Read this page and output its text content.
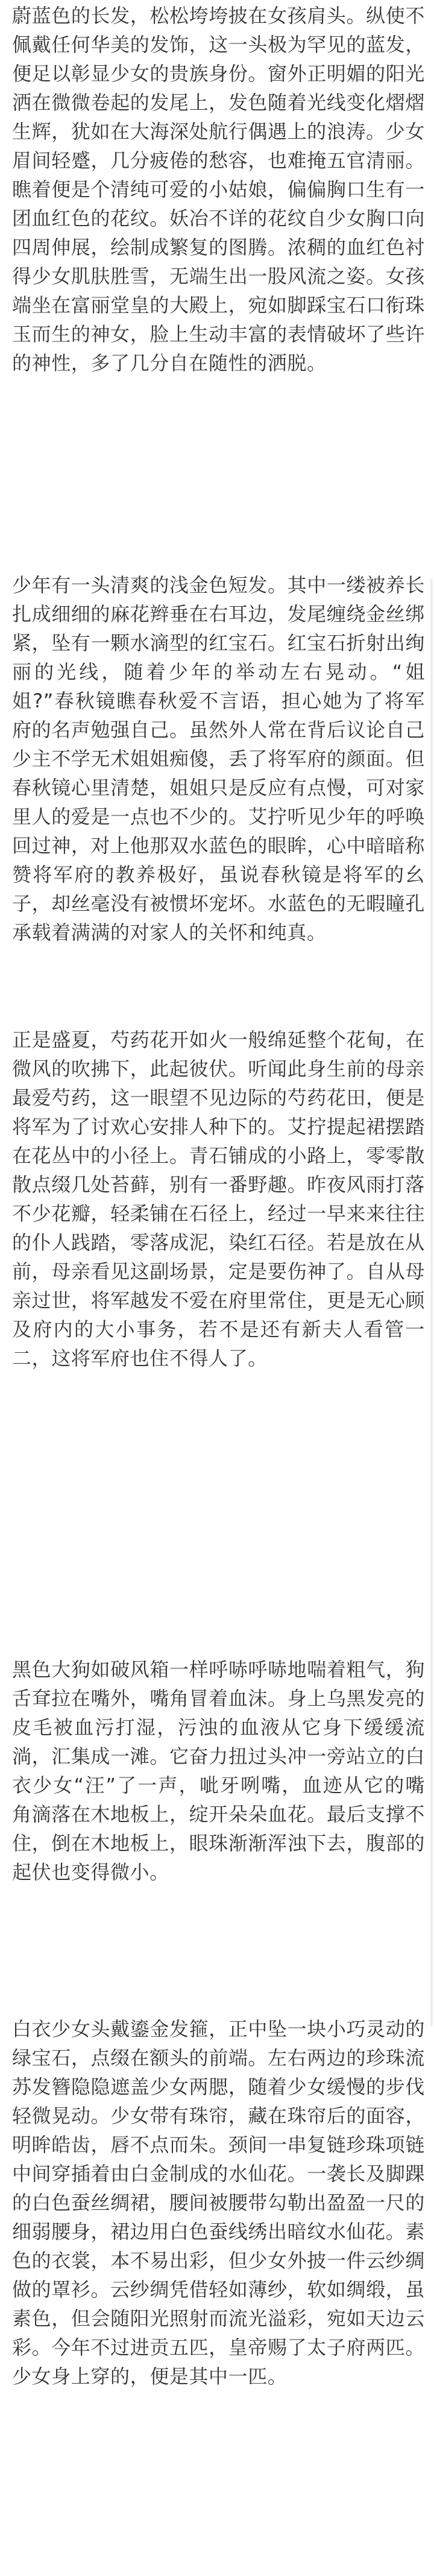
蔚蓝色的长发，松松垮垮披在女孩肩头。纵使不佩戴任何华美的发饰，这一头极为罕见的蓝发，便足以彰显少女的贵族身份。窗外正明媚的阳光洒在微微卷起的发尾上，发色随着光线变化熠熠生辉，犹如在大海深处航行偶遇上的浪涛。少女眉间轻蹙，几分疲倦的愁容，也难掩五官清丽。瞧着便是个清纯可爱的小姑娘，偏偏胸口生有一团血红色的花纹。妖冶不详的花纹自少女胸口向四周伸展，绘制成繁复的图腾。浓稠的血红色衬得少女肌肤胜雪，无端生出一股风流之姿。女孩端坐在富丽堂皇的大殿上，宛如脚踩宝石口衔珠玉而生的神女，脸上生动丰富的表情破坏了些许的神性，多了几分自在随性的洒脱。

少年有一头清爽的浅金色短发。其中一缕被养长扎成细细的麻花辫垂在右耳边，发尾缠绕金丝绑紧，坠有一颗水滴型的红宝石。红宝石折射出绚丽的光线，随着少年的举动左右晃动。“姐姐?”春秋镜瞧春秋爱不言语，担心她为了将军府的名声勉强自己。虽然外人常在背后议论自己少主不学无术姐姐痴傻，丢了将军府的颜面。但春秋镜心里清楚，姐姐只是反应有点慢，可对家里人的爱是一点也不少的。艾拧听见少年的呼唤回过神，对上他那双水蓝色的眼眸，心中暗暗称赞将军府的教养极好，虽说春秋镜是将军的幺子，却丝毫没有被惯坏宠坏。水蓝色的无暇瞳孔承载着满满的对家人的关怀和纯真。

正是盛夏，芍药花开如火一般绵延整个花甸，在微风的吹拂下，此起彼伏。听闻此身生前的母亲最爱芍药，这一眼望不见边际的芍药花田，便是将军为了讨欢心安排人种下的。艾拧提起裙摆踏在花丛中的小径上。青石铺成的小路上，零零散散点缀几处苔藓，别有一番野趣。昨夜风雨打落不少花瓣，轻柔铺在石径上，经过一早来来往往的仆人践踏，零落成泥，染红石径。若是放在从前，母亲看见这副场景，定是要伤神了。自从母亲过世，将军越发不爱在府里常住，更是无心顾及府内的大小事务，若不是还有新夫人看管一二，这将军府也住不得人了。

黑色大狗如破风箱一样呼哧呼哧地喘着粗气，狗舌耷拉在嘴外，嘴角冒着血沫。身上乌黑发亮的皮毛被血污打湿，污浊的血液从它身下缓缓流淌，汇集成一滩。它奋力扭过头冲一旁站立的白衣少女“汪”了一声，呲牙咧嘴，血迹从它的嘴角滴落在木地板上，绽开朵朵血花。最后支撑不住，倒在木地板上，眼珠渐渐浑浊下去，腹部的起伏也变得微小。

白衣少女头戴鎏金发箍，正中坠一块小巧灵动的绿宝石，点缀在额头的前端。左右两边的珍珠流苏发簪隐隐遮盖少女两腮，随着少女缓慢的步伐轻微晃动。少女带有珠帘，藏在珠帘后的面容，明眸皓齿，唇不点而朱。颈间一串复链珍珠项链中间穿插着由白金制成的水仙花。一袭长及脚踝的白色蚕丝绸裙，腰间被腰带勾勒出盈盈一尺的细弱腰身，裙边用白色蚕线绣出暗纹水仙花。素色的衣裳，本不易出彩，但少女外披一件云纱绸做的罩衫。云纱绸凭借轻如薄纱，软如绸缎，虽素色，但会随阳光照射而流光溢彩，宛如天边云彩。今年不过进贡五匹，皇帝赐了太子府两匹。少女身上穿的，便是其中一匹。
